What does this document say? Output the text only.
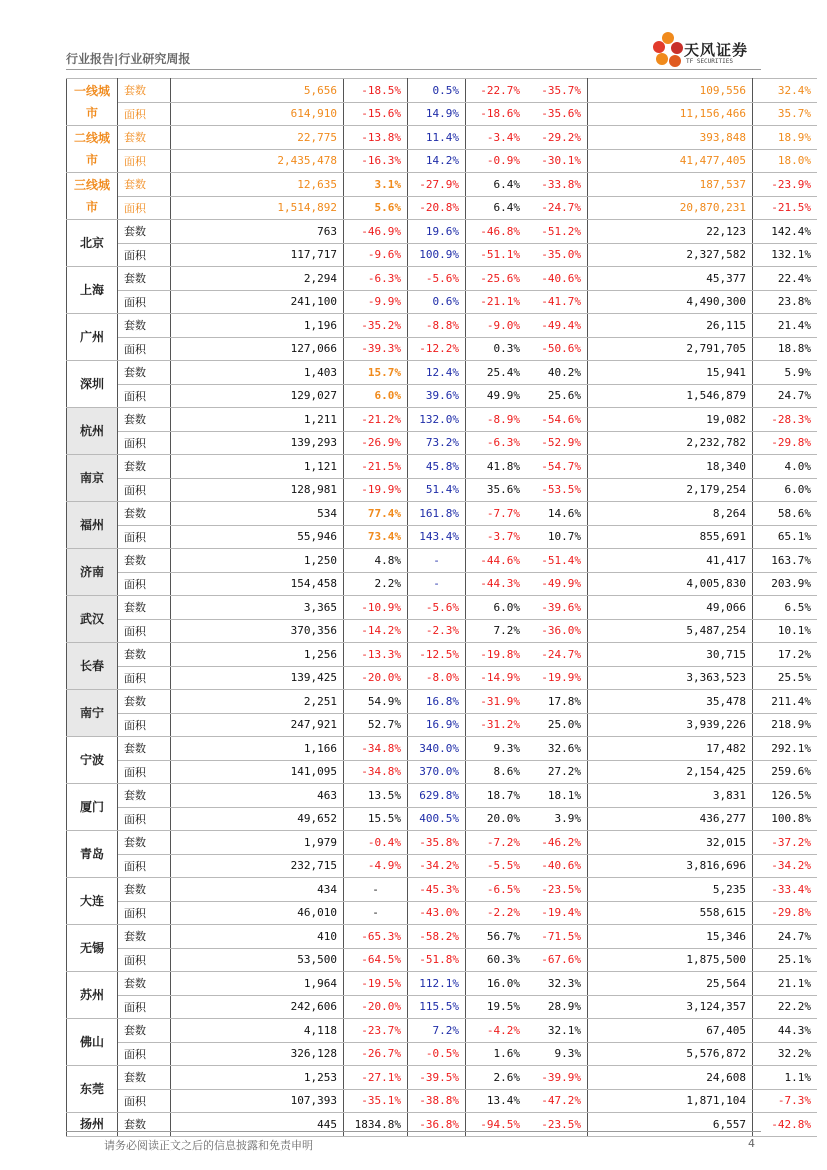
行业报告|行业研究周报	天风证券
TF SECURITIES
一线城市	套数	5,656	-18.5%	0.5%	-22.7%	-35.7%	109,556	32.4%
	面积	614,910	-15.6%	14.9%	-18.6%	-35.6%	11,156,466	35.7%
二线城市	套数	22,775	-13.8%	11.4%	-3.4%	-29.2%	393,848	18.9%
	面积	2,435,478	-16.3%	14.2%	-0.9%	-30.1%	41,477,405	18.0%
三线城市	套数	12,635	3.1%	-27.9%	6.4%	-33.8%	187,537	-23.9%
	面积	1,514,892	5.6%	-20.8%	6.4%	-24.7%	20,870,231	-21.5%
北京	套数	763	-46.9%	19.6%	-46.8%	-51.2%	22,123	142.4%
	面积	117,717	-9.6%	100.9%	-51.1%	-35.0%	2,327,582	132.1%
上海	套数	2,294	-6.3%	-5.6%	-25.6%	-40.6%	45,377	22.4%
	面积	241,100	-9.9%	0.6%	-21.1%	-41.7%	4,490,300	23.8%
广州	套数	1,196	-35.2%	-8.8%	-9.0%	-49.4%	26,115	21.4%
	面积	127,066	-39.3%	-12.2%	0.3%	-50.6%	2,791,705	18.8%
深圳	套数	1,403	15.7%	12.4%	25.4%	40.2%	15,941	5.9%
	面积	129,027	6.0%	39.6%	49.9%	25.6%	1,546,879	24.7%
杭州	套数	1,211	-21.2%	132.0%	-8.9%	-54.6%	19,082	-28.3%
	面积	139,293	-26.9%	73.2%	-6.3%	-52.9%	2,232,782	-29.8%
南京	套数	1,121	-21.5%	45.8%	41.8%	-54.7%	18,340	4.0%
	面积	128,981	-19.9%	51.4%	35.6%	-53.5%	2,179,254	6.0%
福州	套数	534	77.4%	161.8%	-7.7%	14.6%	8,264	58.6%
	面积	55,946	73.4%	143.4%	-3.7%	10.7%	855,691	65.1%
济南	套数	1,250	4.8%	-	-44.6%	-51.4%	41,417	163.7%
	面积	154,458	2.2%	-	-44.3%	-49.9%	4,005,830	203.9%
武汉	套数	3,365	-10.9%	-5.6%	6.0%	-39.6%	49,066	6.5%
	面积	370,356	-14.2%	-2.3%	7.2%	-36.0%	5,487,254	10.1%
长春	套数	1,256	-13.3%	-12.5%	-19.8%	-24.7%	30,715	17.2%
	面积	139,425	-20.0%	-8.0%	-14.9%	-19.9%	3,363,523	25.5%
南宁	套数	2,251	54.9%	16.8%	-31.9%	17.8%	35,478	211.4%
	面积	247,921	52.7%	16.9%	-31.2%	25.0%	3,939,226	218.9%
宁波	套数	1,166	-34.8%	340.0%	9.3%	32.6%	17,482	292.1%
	面积	141,095	-34.8%	370.0%	8.6%	27.2%	2,154,425	259.6%
厦门	套数	463	13.5%	629.8%	18.7%	18.1%	3,831	126.5%
	面积	49,652	15.5%	400.5%	20.0%	3.9%	436,277	100.8%
青岛	套数	1,979	-0.4%	-35.8%	-7.2%	-46.2%	32,015	-37.2%
	面积	232,715	-4.9%	-34.2%	-5.5%	-40.6%	3,816,696	-34.2%
大连	套数	434	-	-45.3%	-6.5%	-23.5%	5,235	-33.4%
	面积	46,010	-	-43.0%	-2.2%	-19.4%	558,615	-29.8%
无锡	套数	410	-65.3%	-58.2%	56.7%	-71.5%	15,346	24.7%
	面积	53,500	-64.5%	-51.8%	60.3%	-67.6%	1,875,500	25.1%
苏州	套数	1,964	-19.5%	112.1%	16.0%	32.3%	25,564	21.1%
	面积	242,606	-20.0%	115.5%	19.5%	28.9%	3,124,357	22.2%
佛山	套数	4,118	-23.7%	7.2%	-4.2%	32.1%	67,405	44.3%
	面积	326,128	-26.7%	-0.5%	1.6%	9.3%	5,576,872	32.2%
东莞	套数	1,253	-27.1%	-39.5%	2.6%	-39.9%	24,608	1.1%
	面积	107,393	-35.1%	-38.8%	13.4%	-47.2%	1,871,104	-7.3%
扬州	套数	445	1834.8%	-36.8%	-94.5%	-23.5%	6,557	-42.8%
请务必阅读正文之后的信息披露和免责申明	4
